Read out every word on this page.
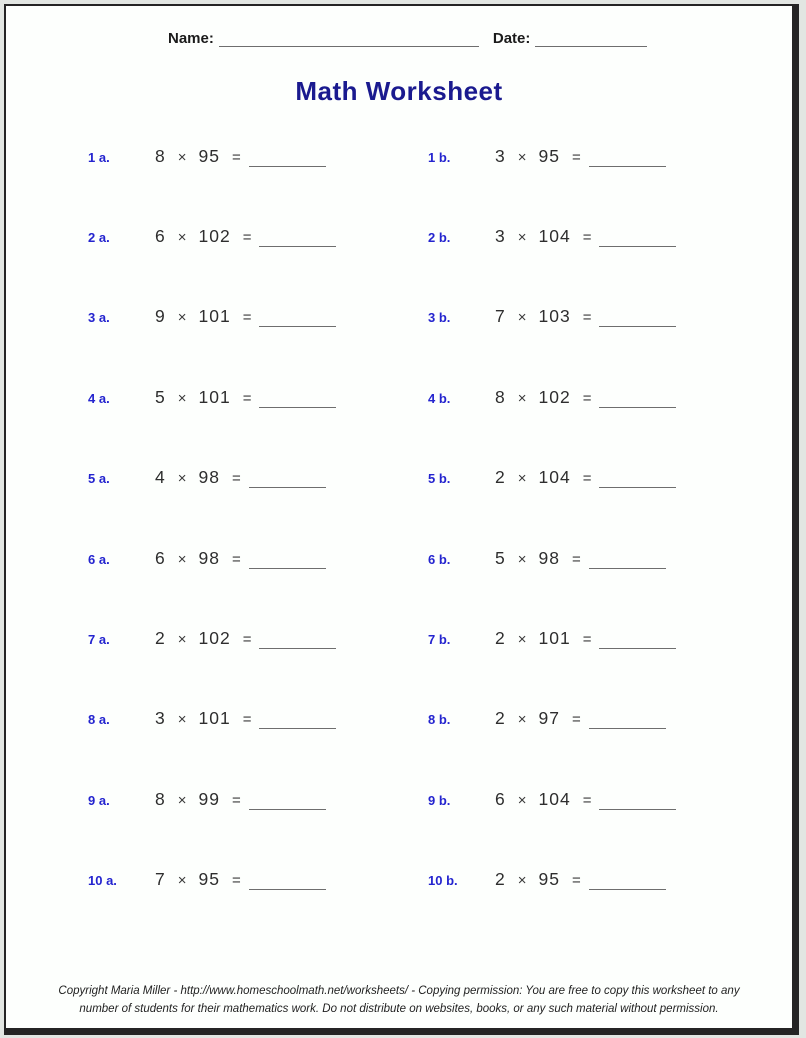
Name:	Date:
Math Worksheet
1 a.	8 × 95 =	1 b.	3 × 95 =
2 a.	6 × 102 =	2 b.	3 × 104 =
3 a.	9 × 101 =	3 b.	7 × 103 =
4 a.	5 × 101 =	4 b.	8 × 102 =
5 a.	4 × 98 =	5 b.	2 × 104 =
6 a.	6 × 98 =	6 b.	5 × 98 =
7 a.	2 × 102 =	7 b.	2 × 101 =
8 a.	3 × 101 =	8 b.	2 × 97 =
9 a.	8 × 99 =	9 b.	6 × 104 =
10 a.	7 × 95 =	10 b.	2 × 95 =
Copyright Maria Miller - http://www.homeschoolmath.net/worksheets/ - Copying permission: You are free to copy this worksheet to any
number of students for their mathematics work. Do not distribute on websites, books, or any such material without permission.
